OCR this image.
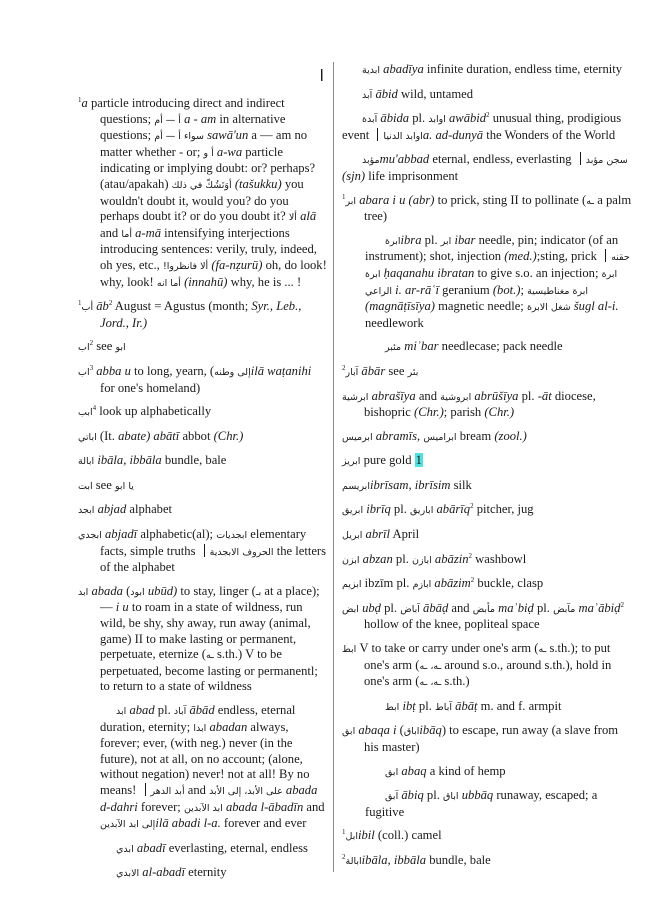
ا
$^1$a particle introducing direct and indirect questions; أ — أم a - am in alternative questions; سواء أ — أم sawā'un a — am no matter whether - or; أ و a-wa particle indicating or implying doubt: or? perhaps? (atau/apakah) أوَتَشُكّ في ذلك (tašukku) you wouldn't doubt it, would you? do you perhaps doubt it? or do you doubt it? ألا alā and أما a-mā intensifying interjections introducing sentences: verily, truly, indeed, oh yes, etc., ألا فانظروا! (fa-nẓurū) oh, do look! why, look! أما انه (innahū) why, he is ... !
$^1$أب $āb^2$ August = Agustus (month; Syr., Leb., Jord., Ir.)
اب$^2$ see ابو
اب$^3$ abba u to long, yearn, (إلى وطنهilā waṭanihi for one's homeland)
ابب$^4$ look up alphabetically
اباتي (It. abate) abātī abbot (Chr.)
ابالة ibāla, ibbāla bundle, bale
ابت see ابو يا
ابجد abjad alphabet
ابجدي abjadī alphabetic(al); ابجديات elementary facts, simple truths الحروف الابجدية the letters of the alphabet
ابد abada (ابود ubūd) to stay, linger (بـ at a place); — i u to roam in a state of wildness, run wild, be shy, shy away, run away (animal, game) II to make lasting or permanent, perpetuate, eternize (ـه s.th.) V to be perpetuated, become lasting or permanentl; to return to a state of wildness
ابد abad pl. آباد ābād endless, eternal duration, eternity; ابدا abadan always, forever; ever, (with neg.) never (in the future), not at all, on no account; (alone, without negation) never! not at all! By no means! أبد الدهر and على الأبد، إلى الأبد abada d-dahri forever; ابد الآبدين abada l-ābadīn and إلى ابد الآبدينilā abadi l-a. forever and ever
ابدي abadī everlasting, eternal, endless
الابدي al-abadī eternity
ابدية abadīya infinite duration, endless time, eternity
آبد ābid wild, untamed
آبدة ābida pl. اوابد awābid$^2$ unusual thing, prodigious event اوابد الدنياa. ad-dunyā the Wonders of the World
مؤبدmu'abbad eternal, endless, everlasting سجن مؤبد (sjn) life imprisonment
$^1$ابر abara i u (abr) to prick, sting II to pollinate (ـه a palm tree)
ابرةibra pl. ابر ibar needle, pin; indicator (of an instrument); shot, injection (med.);sting, prick حقنه ابرة ḥaqanahu ibratan to give s.o. an injection; ابرة الراعي i. ar-rāʿī geranium (bot.); ابرة مغناطيسية (magnāṭīsīya) magnetic needle; شغل الابرة šugl al-i. needlework
مئبر miʾbar needlecase; pack needle
$^2$آبار ābār see بئر
ابرشية abrašīya and ابروشية abrūšīya pl. -āt diocese, bishopric (Chr.); parish (Chr.)
ابرميس abramīs, ابراميس bream (zool.)
ابريز pure gold 1
ابريسمibrīsam, ibrīsim silk
ابريق ibrīq pl. اباريق abārīq$^2$ pitcher, jug
ابريل abrīl April
ابزن abzan pl. ابازن abāzin$^2$ washbowl
ابزيم ibzīm pl. ابازم abāzim$^2$ buckle, clasp
ابض ubḍ pl. آباض ābāḍ and مأبض maʾbiḍ pl. مآبض maʾābiḍ$^2$ hollow of the knee, popliteal space
ابط V to take or carry under one's arm (ـه s.th.); to put one's arm (ـه، ـه around s.o., around s.th.), hold in one's arm (ـه، ـه s.th.)
ابط ibṭ pl. آباط ābāṭ m. and f. armpit
ابق abaqa i (اباقibāq) to escape, run away (a slave from his master)
ابق abaq a kind of hemp
آبق ābiq pl. اباق ubbāq runaway, escaped; a fugitive
$^1$ابلibil (coll.) camel
$^2$ابالةibāla, ibbāla bundle, bale
